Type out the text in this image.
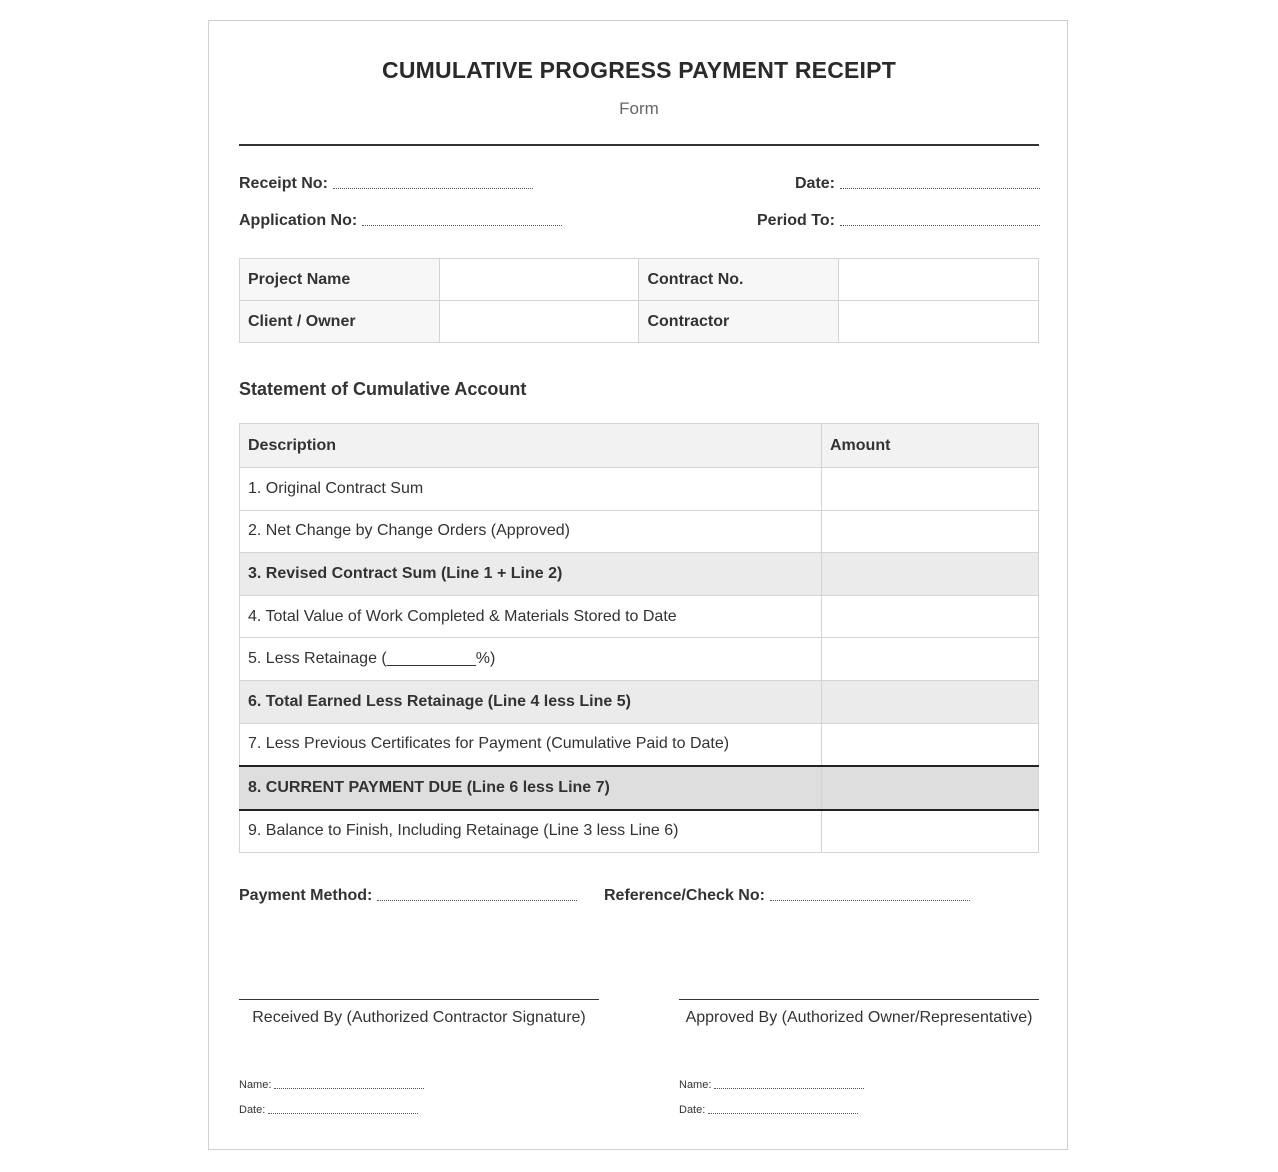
CUMULATIVE PROGRESS PAYMENT RECEIPT
Form
Receipt No:	Date:
Application No:	Period To:
Project Name		Contract No.	
Client / Owner		Contractor	
Statement of Cumulative Account
Description	Amount
1. Original Contract Sum	
2. Net Change by Change Orders (Approved)	
3. Revised Contract Sum (Line 1 + Line 2)	
4. Total Value of Work Completed & Materials Stored to Date	
5. Less Retainage (__________%)	
6. Total Earned Less Retainage (Line 4 less Line 5)	
7. Less Previous Certificates for Payment (Cumulative Paid to Date)	
8. CURRENT PAYMENT DUE (Line 6 less Line 7)	
9. Balance to Finish, Including Retainage (Line 3 less Line 6)	
Payment Method:	Reference/Check No:
Received By (Authorized Contractor Signature)	Approved By (Authorized Owner/Representative)
Name:
Date:
Name:
Date:
